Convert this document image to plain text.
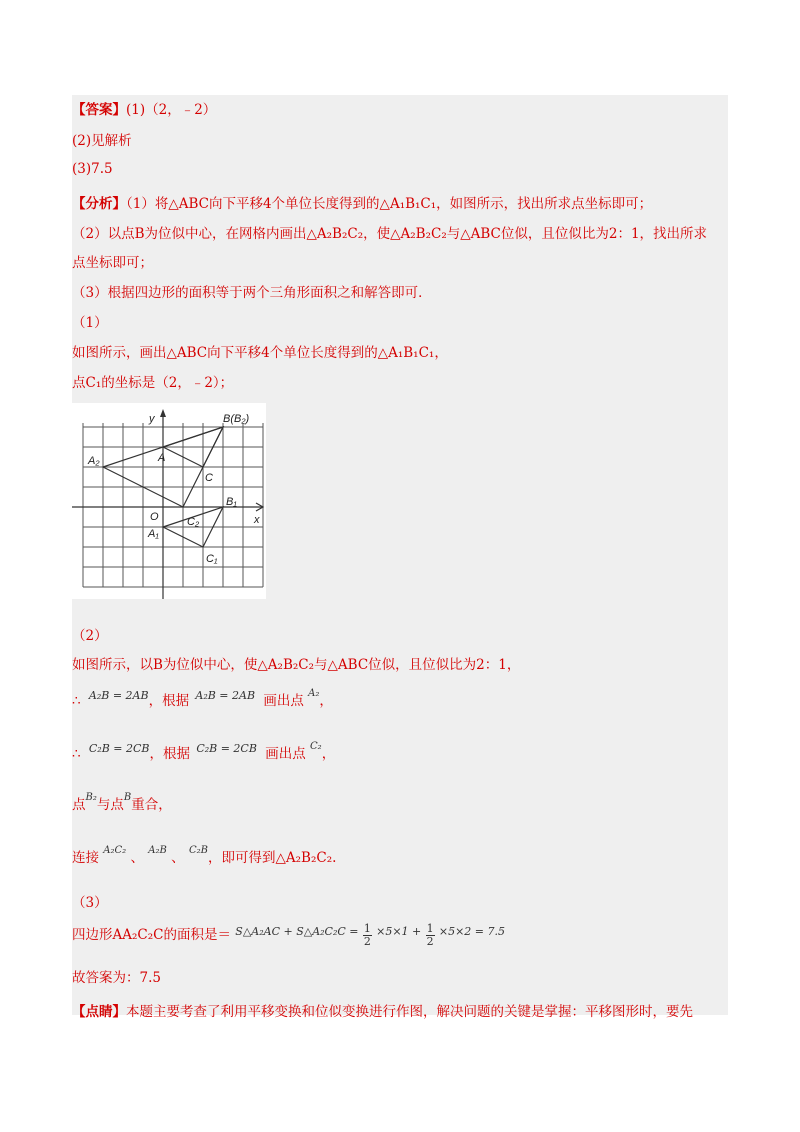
【答案】(1)（2，﹣2）
(2)见解析
(3)7.5
【分析】（1）将△ABC向下平移4个单位长度得到的△A₁B₁C₁，如图所示，找出所求点坐标即可；
（2）以点B为位似中心，在网格内画出△A₂B₂C₂，使△A₂B₂C₂与△ABC位似，且位似比为2：1，找出所求
点坐标即可；
（3）根据四边形的面积等于两个三角形面积之和解答即可．
（1）
如图所示，画出△ABC向下平移4个单位长度得到的△A₁B₁C₁，
点C₁的坐标是（2，﹣2）；
y
x
O
B(B₂)
A₂	A
C
B₁
C₂
A₁
C₁
（2）
如图所示，以B为位似中心，使△A₂B₂C₂与△ABC位似，且位似比为2：1，
∴ $^{A_2B = 2AB}$，根据 $^{A_2B = 2AB}$ 画出点 $^{A_2}$，
∴ $^{C_2B = 2CB}$，根据 $^{C_2B = 2CB}$ 画出点 $^{C_2}$，
点$^{B_2}$与点$^B$重合，
连接 $^{A_2C_2}$ 、 $^{A_2B}$ 、 $^{C_2B}$，即可得到△A₂B₂C₂.
（3）
四边形AA₂C₂C的面积是＝ $^{S\triangle A_2AC + S\triangle A_2C_2C =} \frac{1}{2} ^{\times 5\times 1 +} \frac{1}{2} ^{\times 5\times 2 = 7.5}$
故答案为：7.5
【点睛】本题主要考查了利用平移变换和位似变换进行作图，解决问题的关键是掌握：平移图形时，要先
